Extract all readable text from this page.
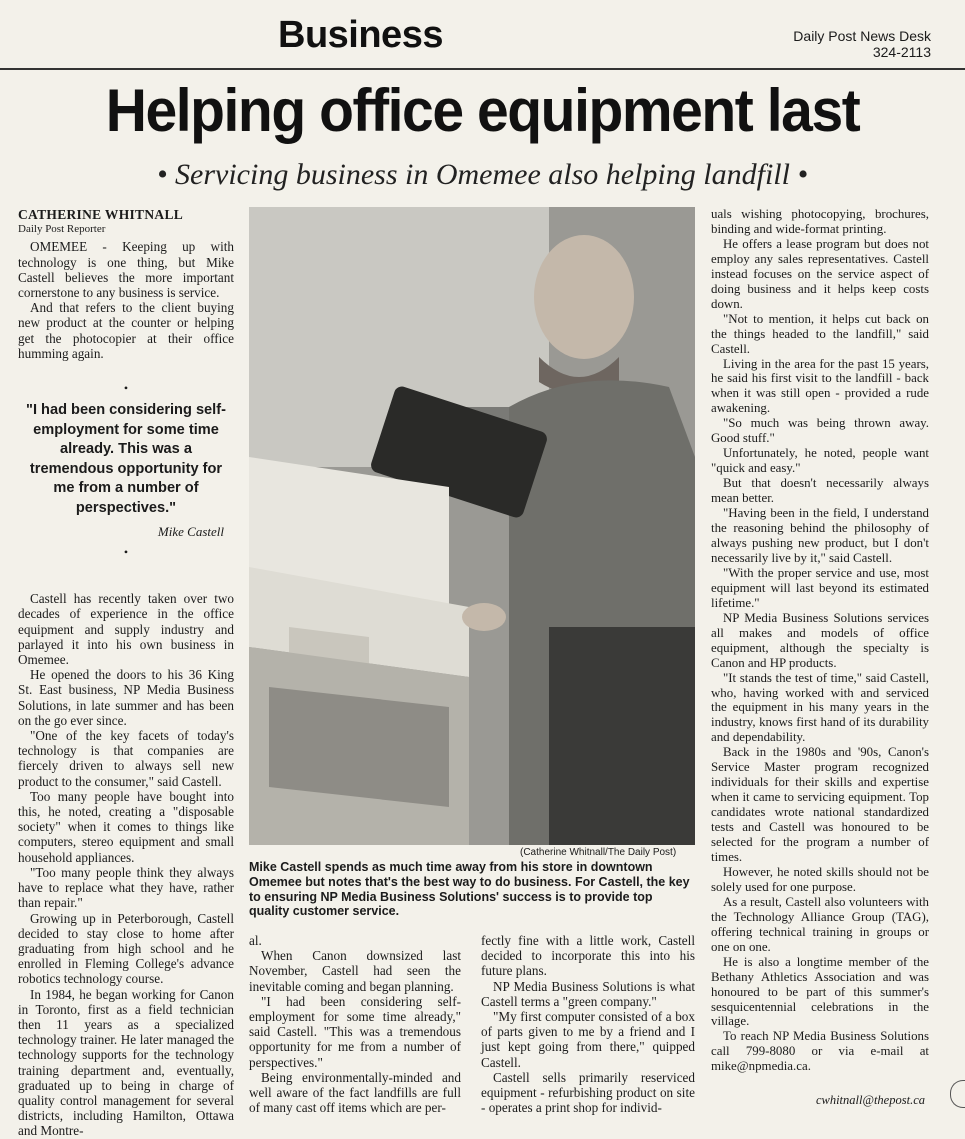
Business	Daily Post News Desk
324-2113
Helping office equipment last
• Servicing business in Omemee also helping landfill •
CATHERINE WHITNALL
Daily Post Reporter

OMEMEE - Keeping up with technology is one thing, but Mike Castell believes the more important cornerstone to any business is service.

And that refers to the client buying new product at the counter or helping get the photocopier at their office humming again.

•
"I had been considering self-employment for some time already. This was a tremendous opportunity for me from a number of perspectives."
Mike Castell
•

Castell has recently taken over two decades of experience in the office equipment and supply industry and parlayed it into his own business in Omemee.

He opened the doors to his 36 King St. East business, NP Media Business Solutions, in late summer and has been on the go ever since.

"One of the key facets of today's technology is that companies are fiercely driven to always sell new product to the consumer," said Castell.

Too many people have bought into this, he noted, creating a "disposable society" when it comes to things like computers, stereo equipment and small household appliances.

"Too many people think they always have to replace what they have, rather than repair."

Growing up in Peterborough, Castell decided to stay close to home after graduating from high school and he enrolled in Fleming College's advance robotics technology course.

In 1984, he began working for Canon in Toronto, first as a field technician then 11 years as a specialized technology trainer. He later managed the technology supports for the technology training department and, eventually, graduated up to being in charge of quality control management for several districts, including Hamilton, Ottawa and Montre-

(Catherine Whitnall/The Daily Post)
Mike Castell spends as much time away from his store in downtown Omemee but notes that's the best way to do business. For Castell, the key to ensuring NP Media Business Solutions' success is to provide top quality customer service.

al.

When Canon downsized last November, Castell had seen the inevitable coming and began planning.

"I had been considering self-employment for some time already," said Castell. "This was a tremendous opportunity for me from a number of perspectives."

Being environmentally-minded and well aware of the fact landfills are full of many cast off items which are per-

fectly fine with a little work, Castell decided to incorporate this into his future plans.

NP Media Business Solutions is what Castell terms a "green company."

"My first computer consisted of a box of parts given to me by a friend and I just kept going from there," quipped Castell.

Castell sells primarily reserviced equipment - refurbishing product on site - operates a print shop for individ-

uals wishing photocopying, brochures, binding and wide-format printing.

He offers a lease program but does not employ any sales representatives. Castell instead focuses on the service aspect of doing business and it helps keep costs down.

"Not to mention, it helps cut back on the things headed to the landfill," said Castell.

Living in the area for the past 15 years, he said his first visit to the landfill - back when it was still open - provided a rude awakening.

"So much was being thrown away. Good stuff."

Unfortunately, he noted, people want "quick and easy."

But that doesn't necessarily always mean better.

"Having been in the field, I understand the reasoning behind the philosophy of always pushing new product, but I don't necessarily live by it," said Castell.

"With the proper service and use, most equipment will last beyond its estimated lifetime."

NP Media Business Solutions services all makes and models of office equipment, although the specialty is Canon and HP products.

"It stands the test of time," said Castell, who, having worked with and serviced the equipment in his many years in the industry, knows first hand of its durability and dependability.

Back in the 1980s and '90s, Canon's Service Master program recognized individuals for their skills and expertise when it came to servicing equipment. Top candidates wrote national standardized tests and Castell was honoured to be selected for the program a number of times.

However, he noted skills should not be solely used for one purpose.

As a result, Castell also volunteers with the Technology Alliance Group (TAG), offering technical training in groups or one on one.

He is also a longtime member of the Bethany Athletics Association and was honoured to be part of this summer's sesquicentennial celebrations in the village.

To reach NP Media Business Solutions call 799-8080 or via e-mail at mike@npmedia.ca.

cwhitnall@thepost.ca
